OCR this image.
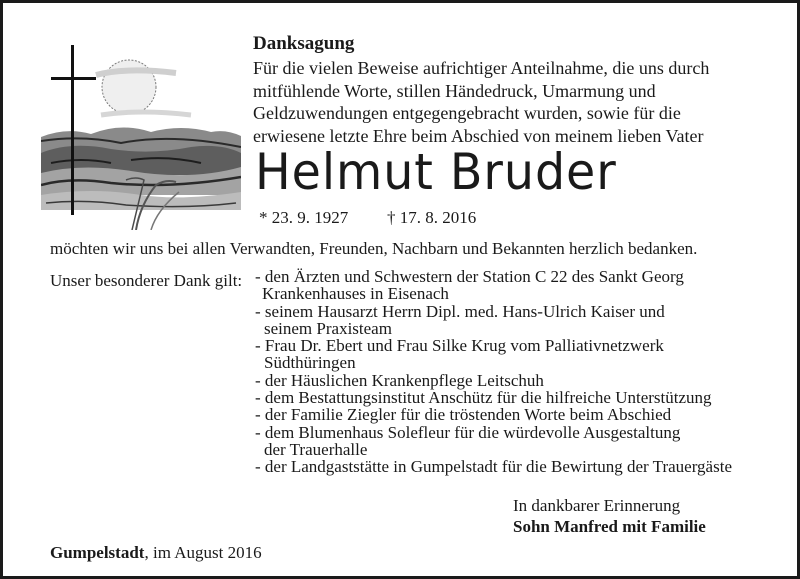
Danksagung

Für die vielen Beweise aufrichtiger Anteilnahme, die uns durch

mitfühlende Worte, stillen Händedruck, Umarmung und

Geldzuwendungen entgegengebracht wurden, sowie für die

erwiesene letzte Ehre beim Abschied von meinem lieben Vater

Helmut Bruder
* 23. 9. 1927 † 17. 8. 2016
möchten wir uns bei allen Verwandten, Freunden, Nachbarn und Bekannten herzlich bedanken.
Unser besonderer Dank gilt: - den Ärzten und Schwestern der Station C 22 des Sankt Georg
Krankenhauses in Eisenach
- seinem Hausarzt Herrn Dipl. med. Hans-Ulrich Kaiser und
seinem Praxisteam
- Frau Dr. Ebert und Frau Silke Krug vom Palliativnetzwerk
Südthüringen
- der Häuslichen Krankenpflege Leitschuh
- dem Bestattungsinstitut Anschütz für die hilfreiche Unterstützung
- der Familie Ziegler für die tröstenden Worte beim Abschied
- dem Blumenhaus Solefleur für die würdevolle Ausgestaltung
der Trauerhalle
- der Landgaststätte in Gumpelstadt für die Bewirtung der Trauergäste
In dankbarer Erinnerung
Sohn Manfred mit Familie
Gumpelstadt, im August 2016
